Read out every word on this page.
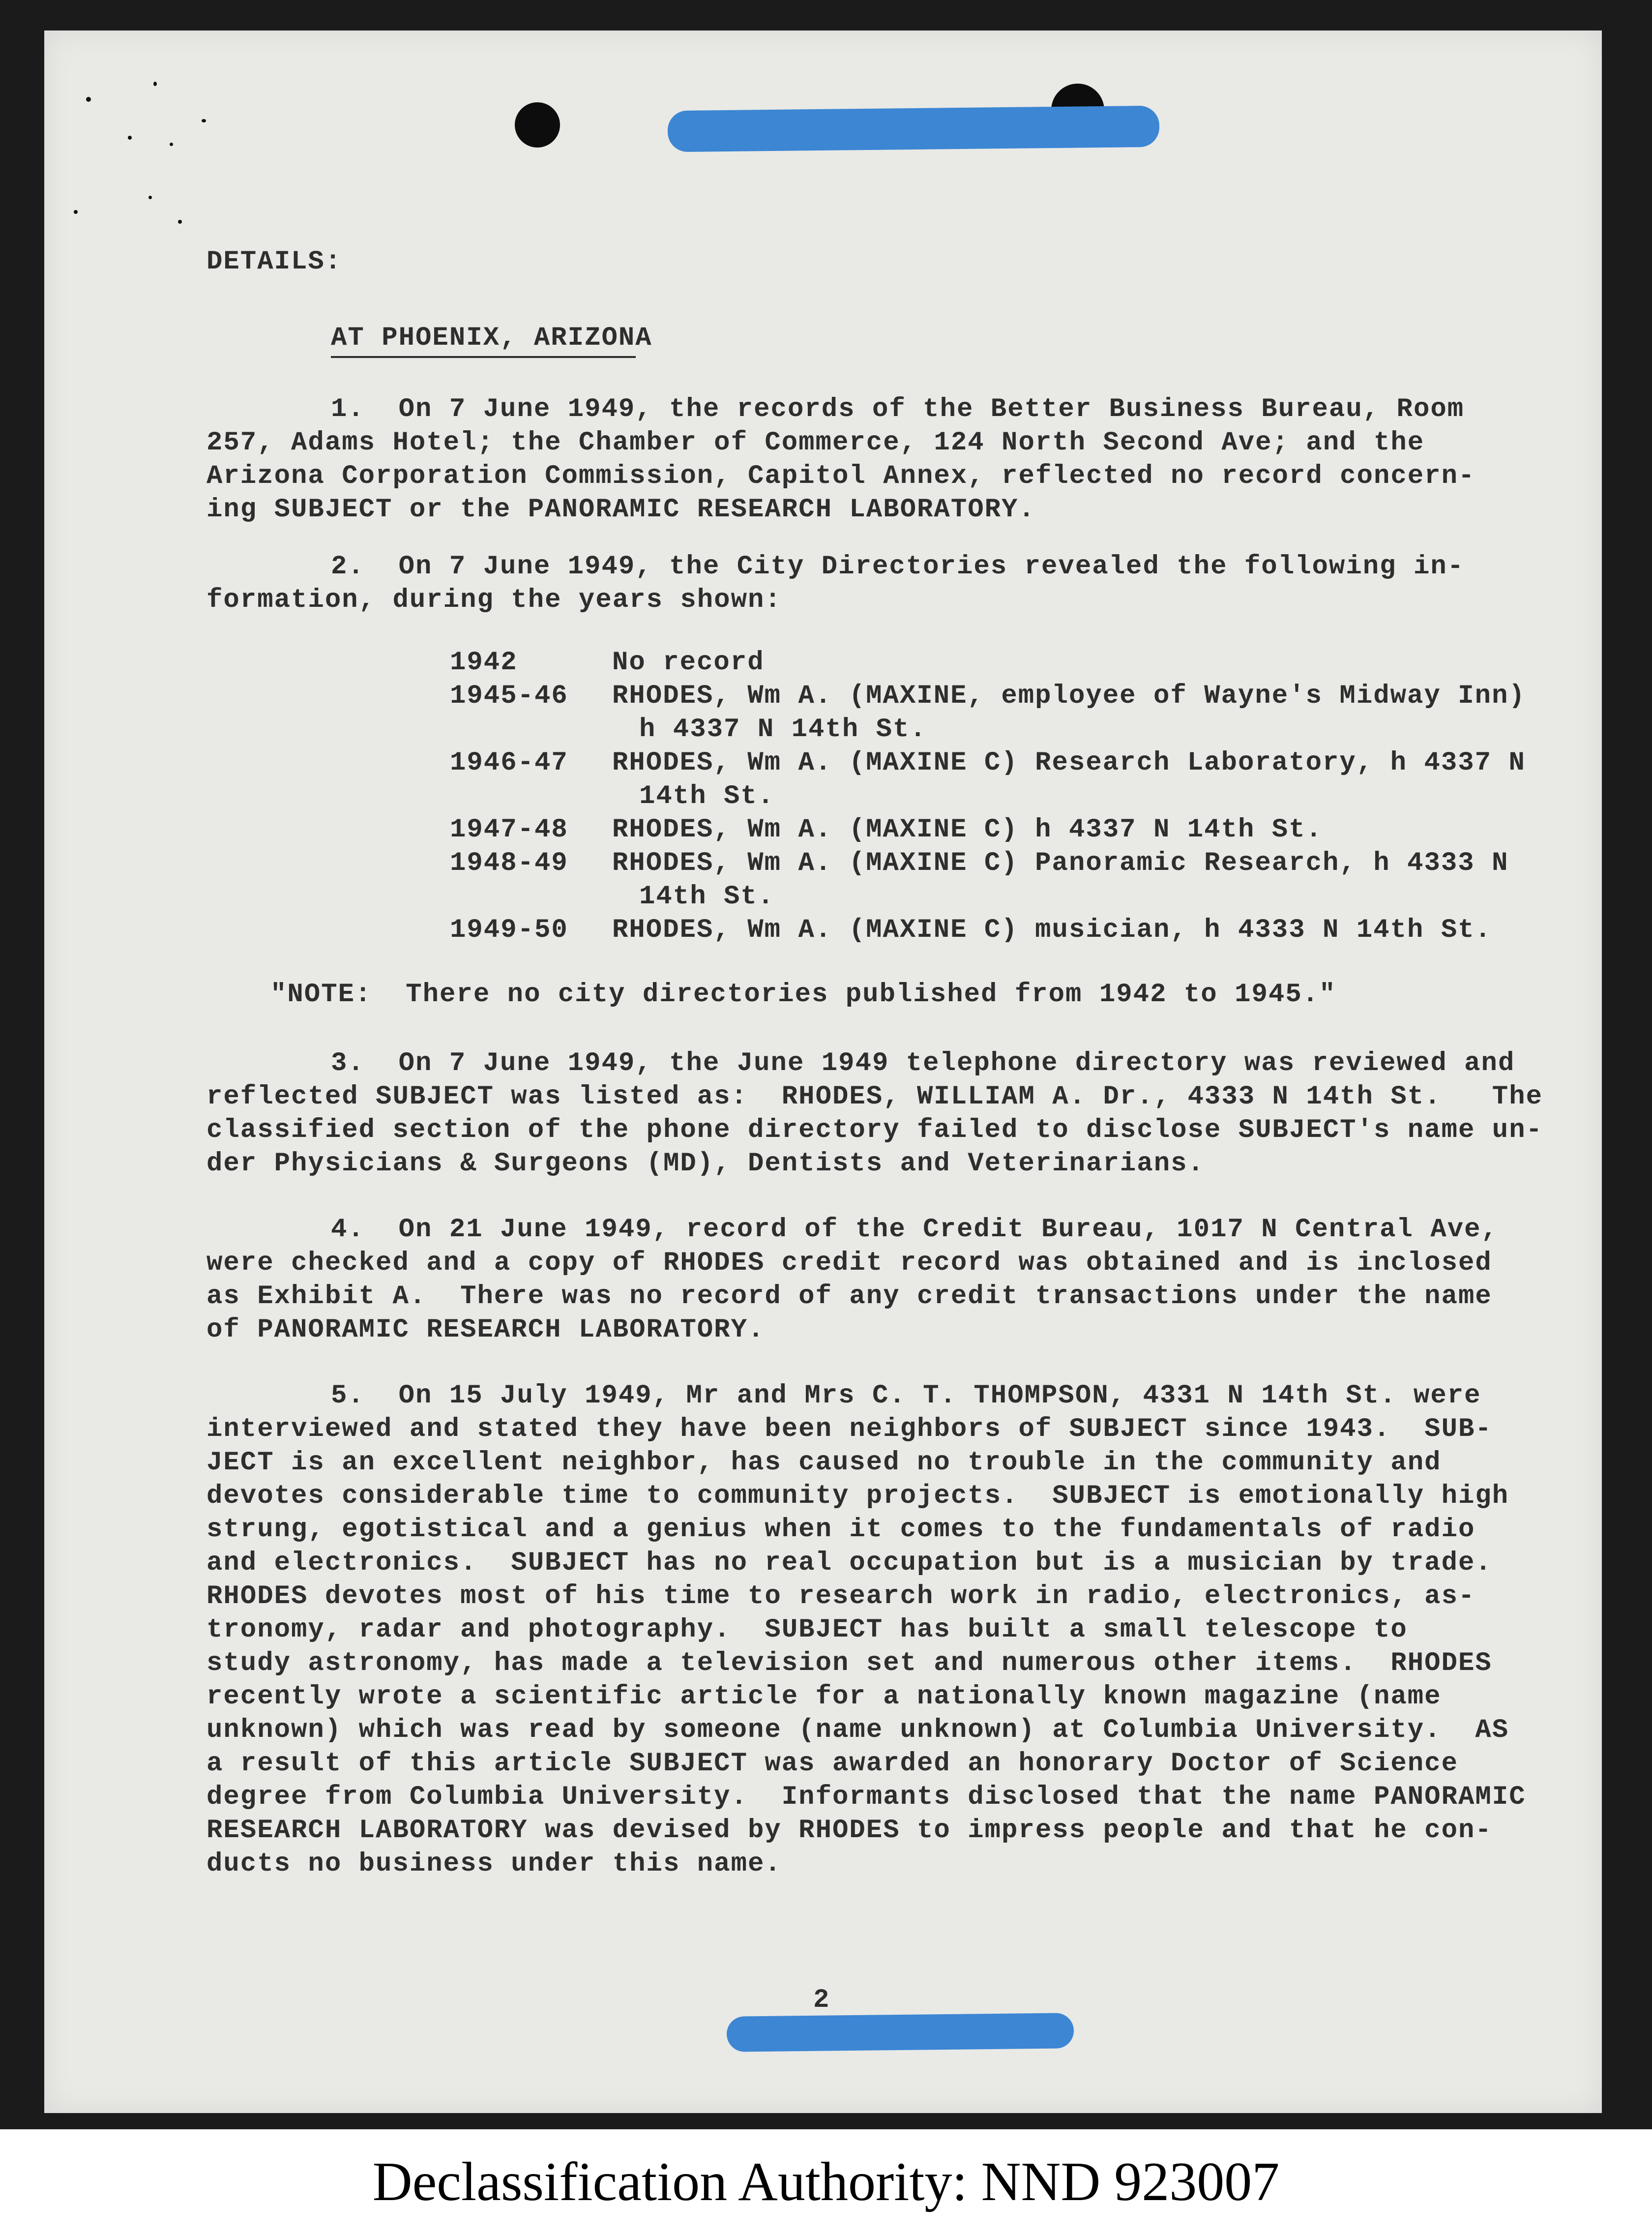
DETAILS:
AT PHOENIX, ARIZONA
1.  On 7 June 1949, the records of the Better Business Bureau, Room
257, Adams Hotel; the Chamber of Commerce, 124 North Second Ave; and the
Arizona Corporation Commission, Capitol Annex, reflected no record concern-
ing SUBJECT or the PANORAMIC RESEARCH LABORATORY.
2.  On 7 June 1949, the City Directories revealed the following in-
formation, during the years shown:
1942	No record
1945-46 RHODES, Wm A. (MAXINE, employee of Wayne's Midway Inn)
h 4337 N 14th St.
1946-47 RHODES, Wm A. (MAXINE C) Research Laboratory, h 4337 N
14th St.
1947-48 RHODES, Wm A. (MAXINE C) h 4337 N 14th St.
1948-49 RHODES, Wm A. (MAXINE C) Panoramic Research, h 4333 N
14th St.
1949-50 RHODES, Wm A. (MAXINE C) musician, h 4333 N 14th St.
"NOTE:  There no city directories published from 1942 to 1945."
3.  On 7 June 1949, the June 1949 telephone directory was reviewed and
reflected SUBJECT was listed as:  RHODES, WILLIAM A. Dr., 4333 N 14th St.   The
classified section of the phone directory failed to disclose SUBJECT's name un-
der Physicians & Surgeons (MD), Dentists and Veterinarians.
4.  On 21 June 1949, record of the Credit Bureau, 1017 N Central Ave,
were checked and a copy of RHODES credit record was obtained and is inclosed
as Exhibit A.  There was no record of any credit transactions under the name
of PANORAMIC RESEARCH LABORATORY.
5.  On 15 July 1949, Mr and Mrs C. T. THOMPSON, 4331 N 14th St. were
interviewed and stated they have been neighbors of SUBJECT since 1943.  SUB-
JECT is an excellent neighbor, has caused no trouble in the community and
devotes considerable time to community projects.  SUBJECT is emotionally high
strung, egotistical and a genius when it comes to the fundamentals of radio
and electronics.  SUBJECT has no real occupation but is a musician by trade.
RHODES devotes most of his time to research work in radio, electronics, as-
tronomy, radar and photography.  SUBJECT has built a small telescope to
study astronomy, has made a television set and numerous other items.  RHODES
recently wrote a scientific article for a nationally known magazine (name
unknown) which was read by someone (name unknown) at Columbia University.  AS
a result of this article SUBJECT was awarded an honorary Doctor of Science
degree from Columbia University.  Informants disclosed that the name PANORAMIC
RESEARCH LABORATORY was devised by RHODES to impress people and that he con-
ducts no business under this name.
2
Declassification Authority: NND 923007
